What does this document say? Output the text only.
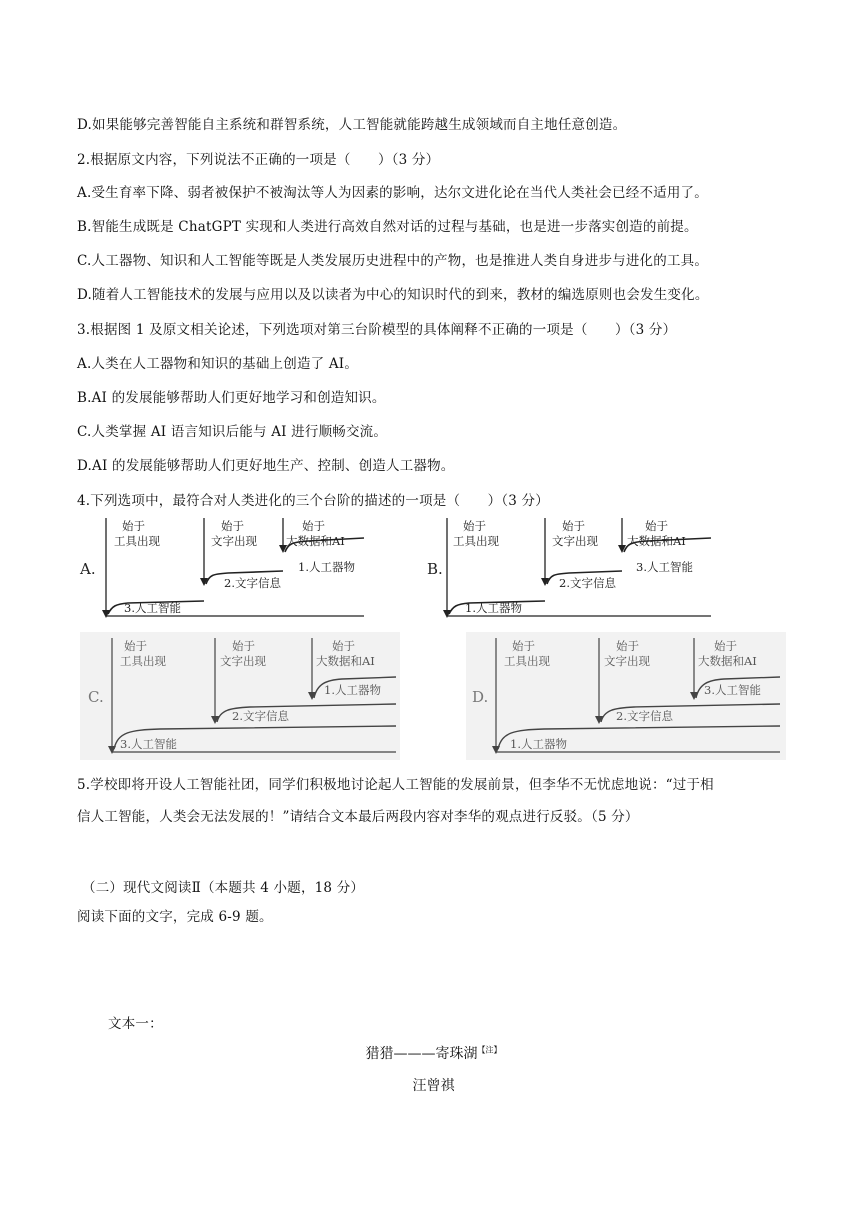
D.如果能够完善智能自主系统和群智系统，人工智能就能跨越生成领域而自主地任意创造。
2.根据原文内容，下列说法不正确的一项是（　　）（3 分）
A.受生育率下降、弱者被保护不被淘汰等人为因素的影响，达尔文进化论在当代人类社会已经不适用了。
B.智能生成既是 ChatGPT 实现和人类进行高效自然对话的过程与基础，也是进一步落实创造的前提。
C.人工器物、知识和人工智能等既是人类发展历史进程中的产物，也是推进人类自身进步与进化的工具。
D.随着人工智能技术的发展与应用以及以读者为中心的知识时代的到来，教材的编选原则也会发生变化。
3.根据图 1 及原文相关论述，下列选项对第三台阶模型的具体阐释不正确的一项是（　　）（3 分）
A.人类在人工器物和知识的基础上创造了 AI。
B.AI 的发展能够帮助人们更好地学习和创造知识。
C.人类掌握 AI 语言知识后能与 AI 进行顺畅交流。
D.AI 的发展能够帮助人们更好地生产、控制、创造人工器物。
4.下列选项中，最符合对人类进化的三个台阶的描述的一项是（　　）（3 分）
A.
始于
工具出现
始于
文字出现
始于
大数据和AI
3.人工智能
2.文字信息
1.人工器物	B.
始于
工具出现
始于
文字出现
始于
大数据和AI
1.人工器物
2.文字信息
3.人工智能
C.
始于
工具出现
始于
文字出现
始于
大数据和AI
3.人工智能
2.文字信息
1.人工器物	D.
始于
工具出现
始于
文字出现
始于
大数据和AI
1.人工器物
2.文字信息
3.人工智能
5.学校即将开设人工智能社团，同学们积极地讨论起人工智能的发展前景，但李华不无忧虑地说：“过于相
信人工智能，人类会无法发展的！”请结合文本最后两段内容对李华的观点进行反驳。（5 分）
（二）现代文阅读Ⅱ（本题共 4 小题，18 分）
阅读下面的文字，完成 6-9 题。
文本一：
猎猎———寄珠湖$^{【注】}$
汪曾祺
